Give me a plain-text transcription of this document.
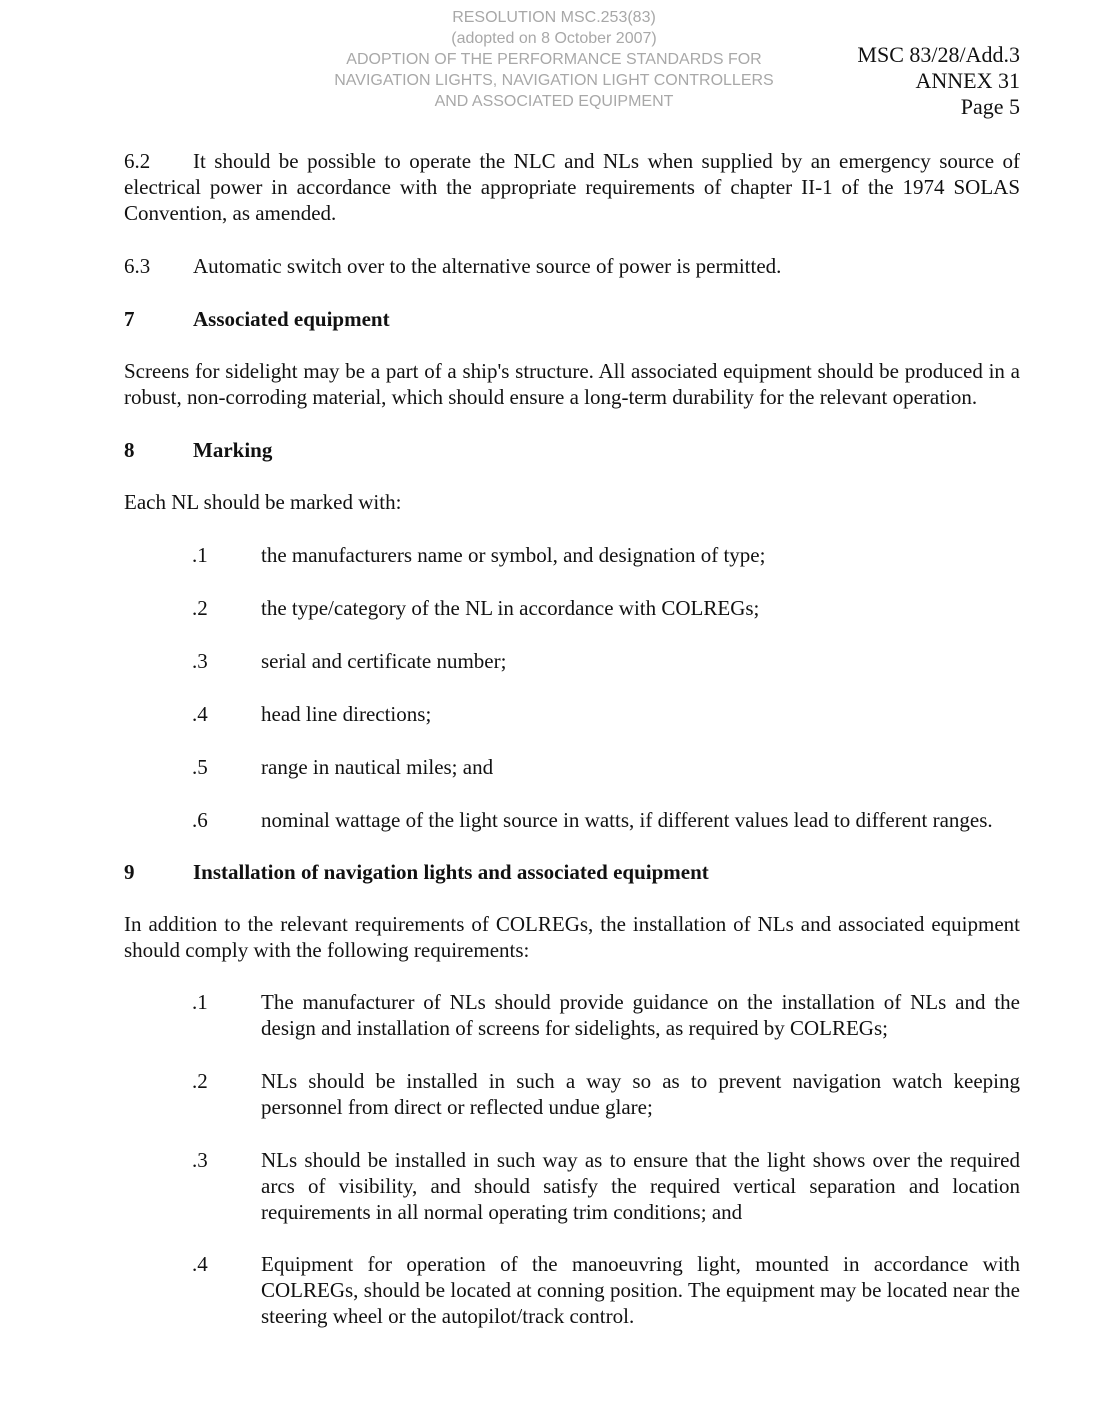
RESOLUTION MSC.253(83)
(adopted on 8 October 2007)
ADOPTION OF THE PERFORMANCE STANDARDS FOR
NAVIGATION LIGHTS, NAVIGATION LIGHT CONTROLLERS
AND ASSOCIATED EQUIPMENT
MSC 83/28/Add.3
ANNEX 31
Page 5

6.2 It should be possible to operate the NLC and NLs when supplied by an emergency source of electrical power in accordance with the appropriate requirements of chapter II-1 of the 1974 SOLAS Convention, as amended.

6.3	Automatic switch over to the alternative source of power is permitted.
7	Associated equipment

Screens for sidelight may be a part of a ship's structure. All associated equipment should be produced in a robust, non-corroding material, which should ensure a long-term durability for the relevant operation.

8	Marking

Each NL should be marked with:

.1	the manufacturers name or symbol, and designation of type;
.2	the type/category of the NL in accordance with COLREGs;
.3	serial and certificate number;
.4	head line directions;
.5	range in nautical miles; and
.6	nominal wattage of the light source in watts, if different values lead to different ranges.
9	Installation of navigation lights and associated equipment

In addition to the relevant requirements of COLREGs, the installation of NLs and associated equipment should comply with the following requirements:

.1	The manufacturer of NLs should provide guidance on the installation of NLs and the design and installation of screens for sidelights, as required by COLREGs;
.2	NLs should be installed in such a way so as to prevent navigation watch keeping personnel from direct or reflected undue glare;
.3	NLs should be installed in such way as to ensure that the light shows over the required arcs of visibility, and should satisfy the required vertical separation and location requirements in all normal operating trim conditions; and
.4	Equipment for operation of the manoeuvring light, mounted in accordance with COLREGs, should be located at conning position. The equipment may be located near the steering wheel or the autopilot/track control.
